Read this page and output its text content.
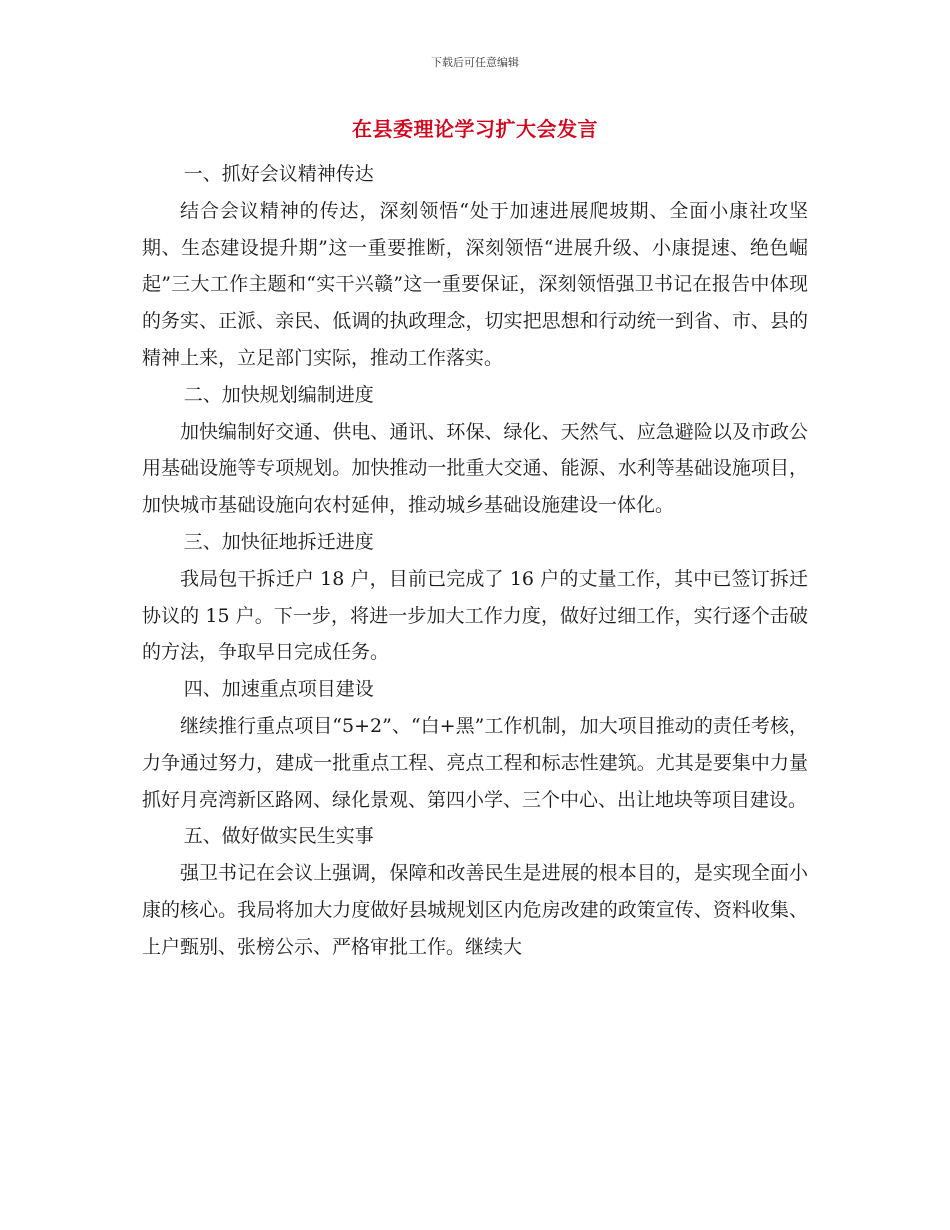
下载后可任意编辑
在县委理论学习扩大会发言

一、抓好会议精神传达

结合会议精神的传达，深刻领悟“处于加速进展爬坡期、全面小康社攻坚期、生态建设提升期”这一重要推断，深刻领悟“进展升级、小康提速、绝色崛起”三大工作主题和“实干兴赣”这一重要保证，深刻领悟强卫书记在报告中体现的务实、正派、亲民、低调的执政理念，切实把思想和行动统一到省、市、县的精神上来，立足部门实际，推动工作落实。

二、加快规划编制进度

加快编制好交通、供电、通讯、环保、绿化、天然气、应急避险以及市政公用基础设施等专项规划。加快推动一批重大交通、能源、水利等基础设施项目，加快城市基础设施向农村延伸，推动城乡基础设施建设一体化。

三、加快征地拆迁进度

我局包干拆迁户 18 户，目前已完成了 16 户的丈量工作，其中已签订拆迁协议的 15 户。下一步，将进一步加大工作力度，做好过细工作，实行逐个击破的方法，争取早日完成任务。

四、加速重点项目建设

继续推行重点项目“5+2”、“白+黑”工作机制，加大项目推动的责任考核，力争通过努力，建成一批重点工程、亮点工程和标志性建筑。尤其是要集中力量抓好月亮湾新区路网、绿化景观、第四小学、三个中心、出让地块等项目建设。

五、做好做实民生实事

强卫书记在会议上强调，保障和改善民生是进展的根本目的，是实现全面小康的核心。我局将加大力度做好县城规划区内危房改建的政策宣传、资料收集、上户甄别、张榜公示、严格审批工作。继续大
